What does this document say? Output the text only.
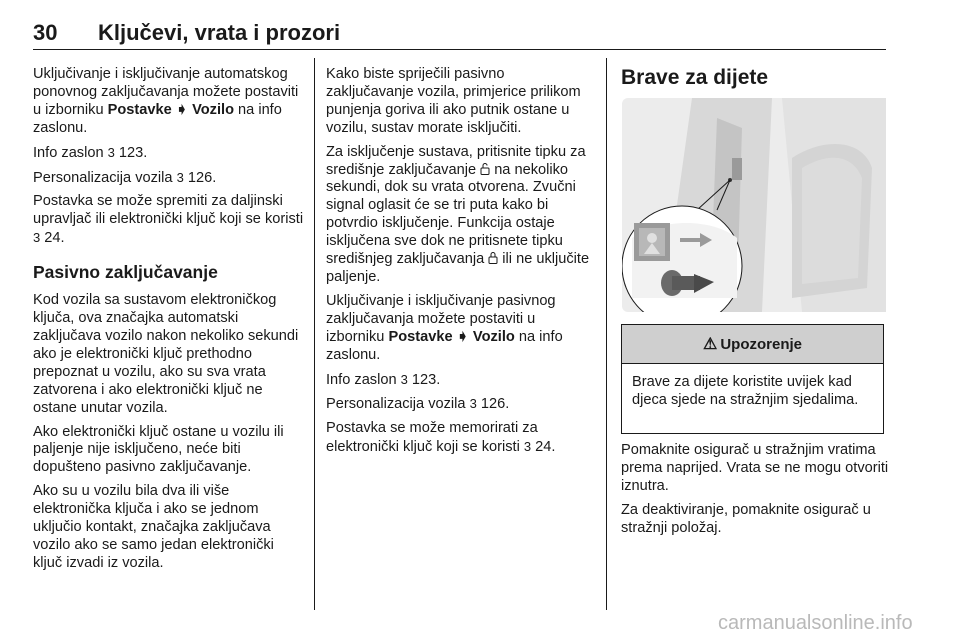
30 Ključevi, vrata i prozori

Uključivanje i isključivanje automatskog ponovnog zaključavanja možete postaviti u izborniku Postavke ➧ Vozilo na info zaslonu.

Info zaslon 3 123.

Personalizacija vozila 3 126.

Postavka se može spremiti za daljinski upravljač ili elektronički ključ koji se koristi 3 24.

Pasivno zaključavanje

Kod vozila sa sustavom elektroničkog ključa, ova značajka automatski zaključava vozilo nakon nekoliko sekundi ako je elektronički ključ prethodno prepoznat u vozilu, ako su sva vrata zatvorena i ako elektronički ključ ne ostane unutar vozila.

Ako elektronički ključ ostane u vozilu ili paljenje nije isključeno, neće biti dopušteno pasivno zaključavanje.

Ako su u vozilu bila dva ili više elektronička ključa i ako se jednom uključio kontakt, značajka zaključava vozilo ako se samo jedan elektronički ključ izvadi iz vozila.

Kako biste spriječili pasivno zaključavanje vozila, primjerice prilikom punjenja goriva ili ako putnik ostane u vozilu, sustav morate isključiti.

Za isključenje sustava, pritisnite tipku za središnje zaključavanje  na nekoliko sekundi, dok su vrata otvorena. Zvučni signal oglasit će se tri puta kako bi potvrdio isključenje. Funkcija ostaje isključena sve dok ne pritisnete tipku središnjeg zaključavanja  ili ne uključite paljenje.

Uključivanje i isključivanje pasivnog zaključavanja možete postaviti u izborniku Postavke ➧ Vozilo na info zaslonu.

Info zaslon 3 123.

Personalizacija vozila 3 126.

Postavka se može memorirati za elektronički ključ koji se koristi 3 24.

Brave za dijete
⚠ Upozorenje
Brave za dijete koristite uvijek kad djeca sjede na stražnjim sjedalima.

Pomaknite osigurač u stražnjim vratima prema naprijed. Vrata se ne mogu otvoriti iznutra.

Za deaktiviranje, pomaknite osigurač u stražnji položaj.

carmanualsonline.info
